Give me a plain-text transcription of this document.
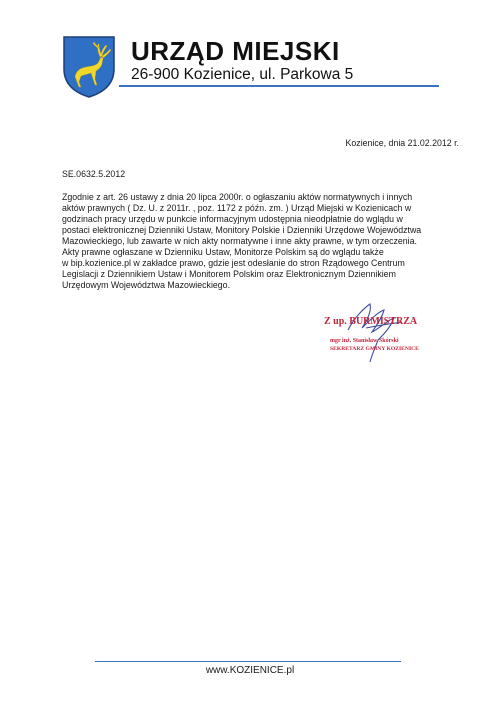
URZĄD MIEJSKI
26-900 Kozienice, ul. Parkowa 5
Kozienice, dnia 21.02.2012 r.
SE.0632.5.2012
Zgodnie z art. 26 ustawy z dnia 20 lipca 2000r. o ogłaszaniu aktów normatywnych i innych
aktów prawnych ( Dz. U. z 2011r. , poz. 1172 z późn. zm. ) Urząd Miejski w Kozienicach w
godzinach pracy urzędu w punkcie informacyjnym udostępnia nieodpłatnie do wglądu w
postaci elektronicznej Dzienniki Ustaw, Monitory Polskie i Dzienniki Urzędowe Województwa
Mazowieckiego, lub zawarte w nich akty normatywne i inne akty prawne, w tym orzeczenia.
Akty prawne ogłaszane w Dzienniku Ustaw, Monitorze Polskim są do wglądu także
w bip.kozienice.pl w zakładce prawo, gdzie jest odesłanie do stron Rządowego Centrum
Legislacji z Dziennikiem Ustaw i Monitorem Polskim oraz Elektronicznym Dziennikiem
Urzędowym Województwa Mazowieckiego.
Z up. BURMISTRZA
mgr inż. Stanisław Skórski
SEKRETARZ GMINY KOZIENICE
www.KOZIENICE.pl
